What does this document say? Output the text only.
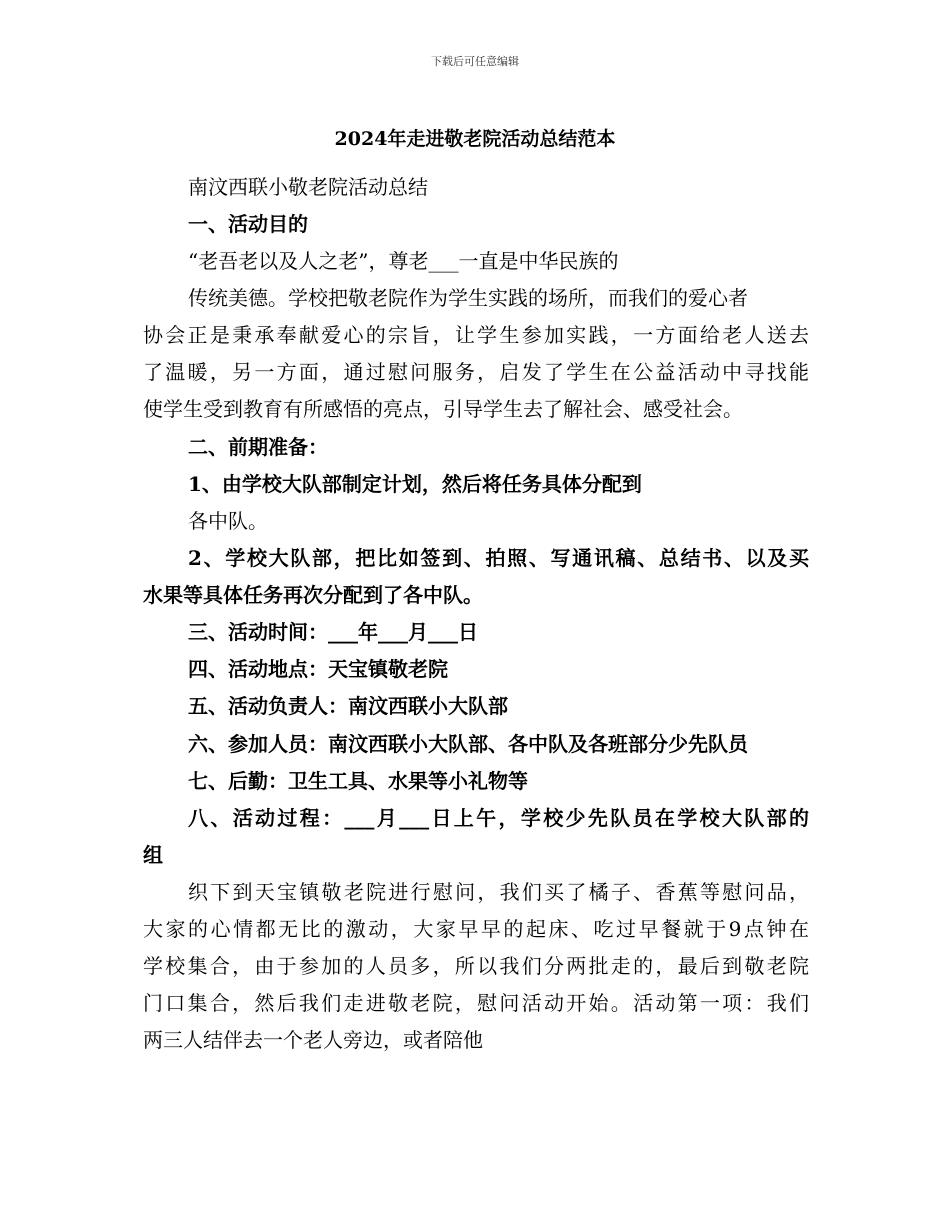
下载后可任意编辑
2024年走进敬老院活动总结范本
南汶西联小敬老院活动总结
一、活动目的
“老吾老以及人之老”，尊老___一直是中华民族的
传统美德。学校把敬老院作为学生实践的场所，而我们的爱心者
协会正是秉承奉献爱心的宗旨，让学生参加实践，一方面给老人送去
了温暖，另一方面，通过慰问服务，启发了学生在公益活动中寻找能
使学生受到教育有所感悟的亮点，引导学生去了解社会、感受社会。
二、前期准备：
1、由学校大队部制定计划，然后将任务具体分配到
各中队。
2、学校大队部，把比如签到、拍照、写通讯稿、总结书、以及买
水果等具体任务再次分配到了各中队。
三、活动时间：___年___月___日
四、活动地点：天宝镇敬老院
五、活动负责人：南汶西联小大队部
六、参加人员：南汶西联小大队部、各中队及各班部分少先队员
七、后勤：卫生工具、水果等小礼物等
八、活动过程：___月___日上午，学校少先队员在学校大队部的
组
织下到天宝镇敬老院进行慰问，我们买了橘子、香蕉等慰问品，
大家的心情都无比的激动，大家早早的起床、吃过早餐就于9点钟在
学校集合，由于参加的人员多，所以我们分两批走的，最后到敬老院
门口集合，然后我们走进敬老院，慰问活动开始。活动第一项：我们
两三人结伴去一个老人旁边，或者陪他
